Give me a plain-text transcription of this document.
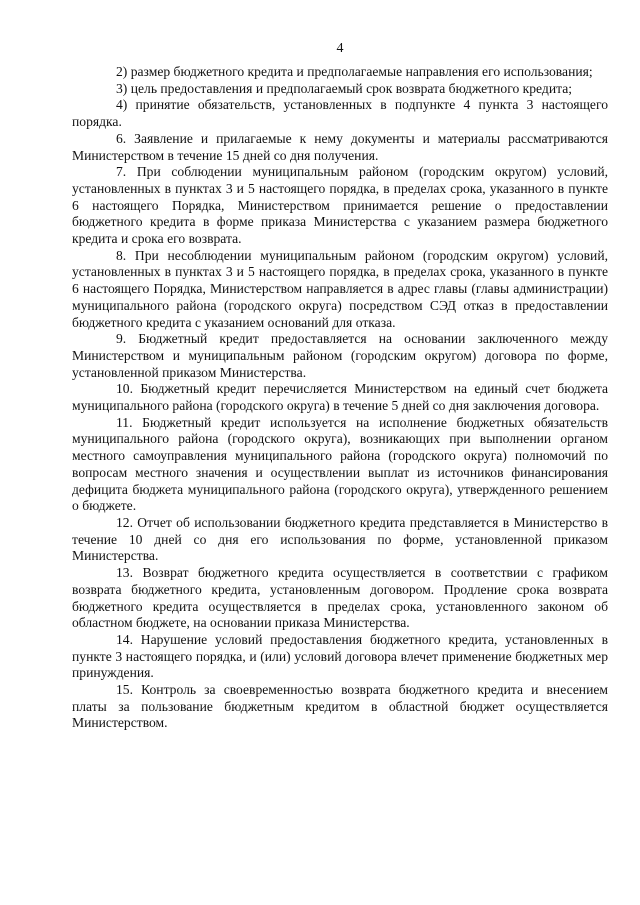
4

2) размер бюджетного кредита и предполагаемые направления его использования;

3) цель предоставления и предполагаемый срок возврата бюджетного кредита;

4) принятие обязательств, установленных в подпункте 4 пункта 3 настоящего порядка.

6. Заявление и прилагаемые к нему документы и материалы рассматриваются Министерством в течение 15 дней со дня получения.

7. При соблюдении муниципальным районом (городским округом) условий, установленных в пунктах 3 и 5 настоящего порядка, в пределах срока, указанного в пункте 6 настоящего Порядка, Министерством принимается решение о предоставлении бюджетного кредита в форме приказа Министерства с указанием размера бюджетного кредита и срока его возврата.

8. При несоблюдении муниципальным районом (городским округом) условий, установленных в пунктах 3 и 5 настоящего порядка, в пределах срока, указанного в пункте 6 настоящего Порядка, Министерством направляется в адрес главы (главы администрации) муниципального района (городского округа) посредством СЭД отказ в предоставлении бюджетного кредита с указанием оснований для отказа.

9. Бюджетный кредит предоставляется на основании заключенного между Министерством и муниципальным районом (городским округом) договора по форме, установленной приказом Министерства.

10. Бюджетный кредит перечисляется Министерством на единый счет бюджета муниципального района (городского округа) в течение 5 дней со дня заключения договора.

11. Бюджетный кредит используется на исполнение бюджетных обязательств муниципального района (городского округа), возникающих при выполнении органом местного самоуправления муниципального района (городского округа) полномочий по вопросам местного значения и осуществлении выплат из источников финансирования дефицита бюджета муниципального района (городского округа), утвержденного решением о бюджете.

12. Отчет об использовании бюджетного кредита представляется в Министерство в течение 10 дней со дня его использования по форме, установленной приказом Министерства.

13. Возврат бюджетного кредита осуществляется в соответствии с графиком возврата бюджетного кредита, установленным договором. Продление срока возврата бюджетного кредита осуществляется в пределах срока, установленного законом об областном бюджете, на основании приказа Министерства.

14. Нарушение условий предоставления бюджетного кредита, установленных в пункте 3 настоящего порядка, и (или) условий договора влечет применение бюджетных мер принуждения.

15. Контроль за своевременностью возврата бюджетного кредита и внесением платы за пользование бюджетным кредитом в областной бюджет осуществляется Министерством.
